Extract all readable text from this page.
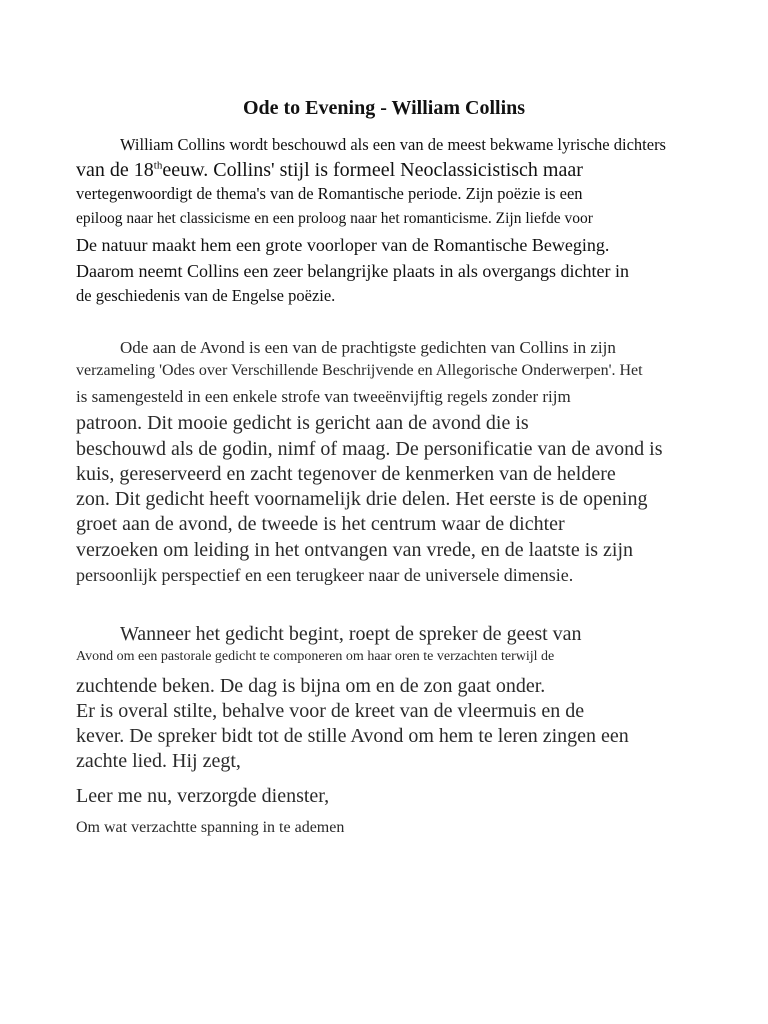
Ode to Evening - William Collins
William Collins wordt beschouwd als een van de meest bekwame lyrische dichters
van de 18theeuw. Collins' stijl is formeel Neoclassicistisch maar
vertegenwoordigt de thema's van de Romantische periode. Zijn poëzie is een
epiloog naar het classicisme en een proloog naar het romanticisme. Zijn liefde voor
De natuur maakt hem een grote voorloper van de Romantische Beweging.
Daarom neemt Collins een zeer belangrijke plaats in als overgangs dichter in
de geschiedenis van de Engelse poëzie.
Ode aan de Avond is een van de prachtigste gedichten van Collins in zijn
verzameling 'Odes over Verschillende Beschrijvende en Allegorische Onderwerpen'. Het
is samengesteld in een enkele strofe van tweeënvijftig regels zonder rijm
patroon. Dit mooie gedicht is gericht aan de avond die is
beschouwd als de godin, nimf of maag. De personificatie van de avond is
kuis, gereserveerd en zacht tegenover de kenmerken van de heldere
zon. Dit gedicht heeft voornamelijk drie delen. Het eerste is de opening
groet aan de avond, de tweede is het centrum waar de dichter
verzoeken om leiding in het ontvangen van vrede, en de laatste is zijn
persoonlijk perspectief en een terugkeer naar de universele dimensie.
Wanneer het gedicht begint, roept de spreker de geest van
Avond om een pastorale gedicht te componeren om haar oren te verzachten terwijl de
zuchtende beken. De dag is bijna om en de zon gaat onder.
Er is overal stilte, behalve voor de kreet van de vleermuis en de
kever. De spreker bidt tot de stille Avond om hem te leren zingen een
zachte lied. Hij zegt,
Leer me nu, verzorgde dienster,
Om wat verzachtte spanning in te ademen
